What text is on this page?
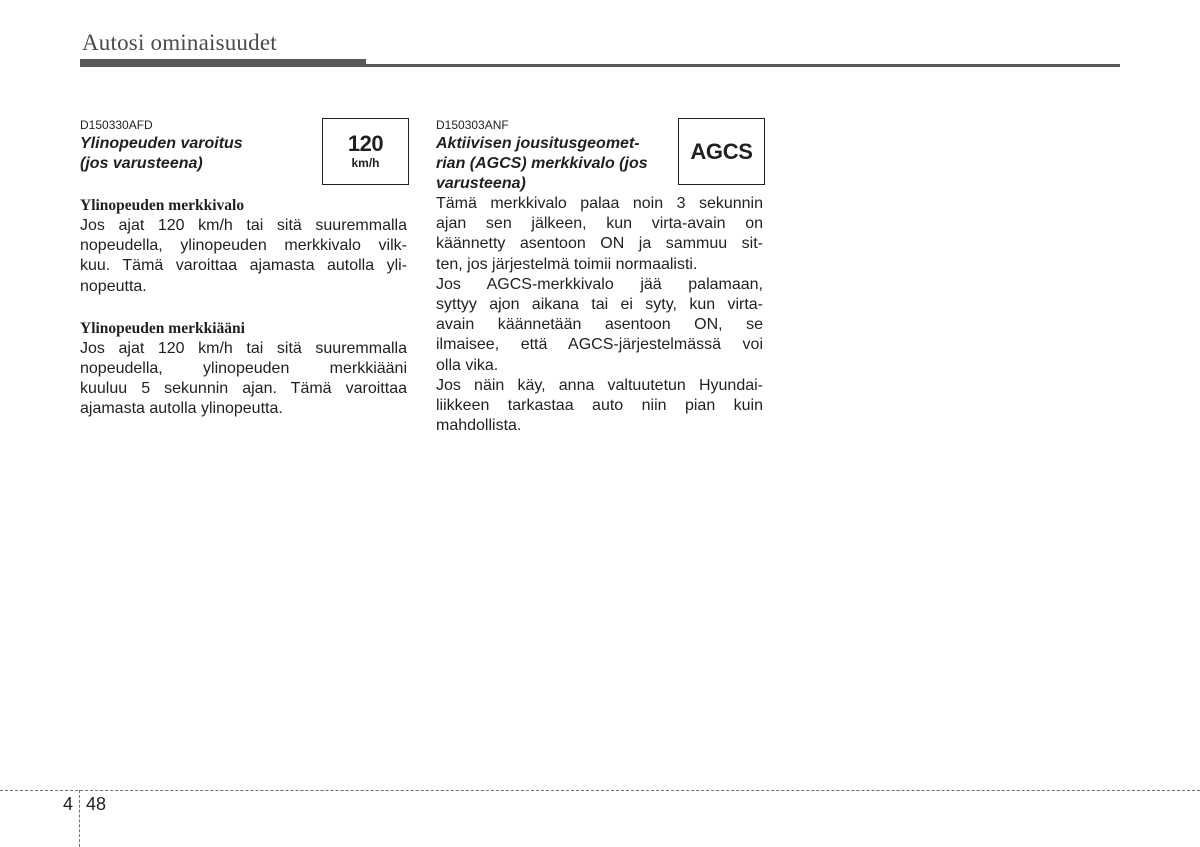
Autosi ominaisuudet
D150330AFD
Ylinopeuden varoitus
(jos varusteena)
Ylinopeuden merkkivalo
Jos ajat 120 km/h tai sitä suuremmalla
nopeudella, ylinopeuden merkkivalo vilk-
kuu. Tämä varoittaa ajamasta autolla yli-
nopeutta.
Ylinopeuden merkkiääni
Jos ajat 120 km/h tai sitä suuremmalla
nopeudella, ylinopeuden merkkiääni
kuuluu 5 sekunnin ajan. Tämä varoittaa
ajamasta autolla ylinopeutta.
120
km/h
D150303ANF
Aktiivisen jousitusgeomet-
rian (AGCS) merkkivalo (jos
varusteena)
Tämä merkkivalo palaa noin 3 sekunnin
ajan sen jälkeen, kun virta-avain on
käännetty asentoon ON ja sammuu sit-
ten, jos järjestelmä toimii normaalisti.
Jos AGCS-merkkivalo jää palamaan,
syttyy ajon aikana tai ei syty, kun virta-
avain käännetään asentoon ON, se
ilmaisee, että AGCS-järjestelmässä voi
olla vika.
Jos näin käy, anna valtuutetun Hyundai-
liikkeen tarkastaa auto niin pian kuin
mahdollista.
AGCS
4 48
